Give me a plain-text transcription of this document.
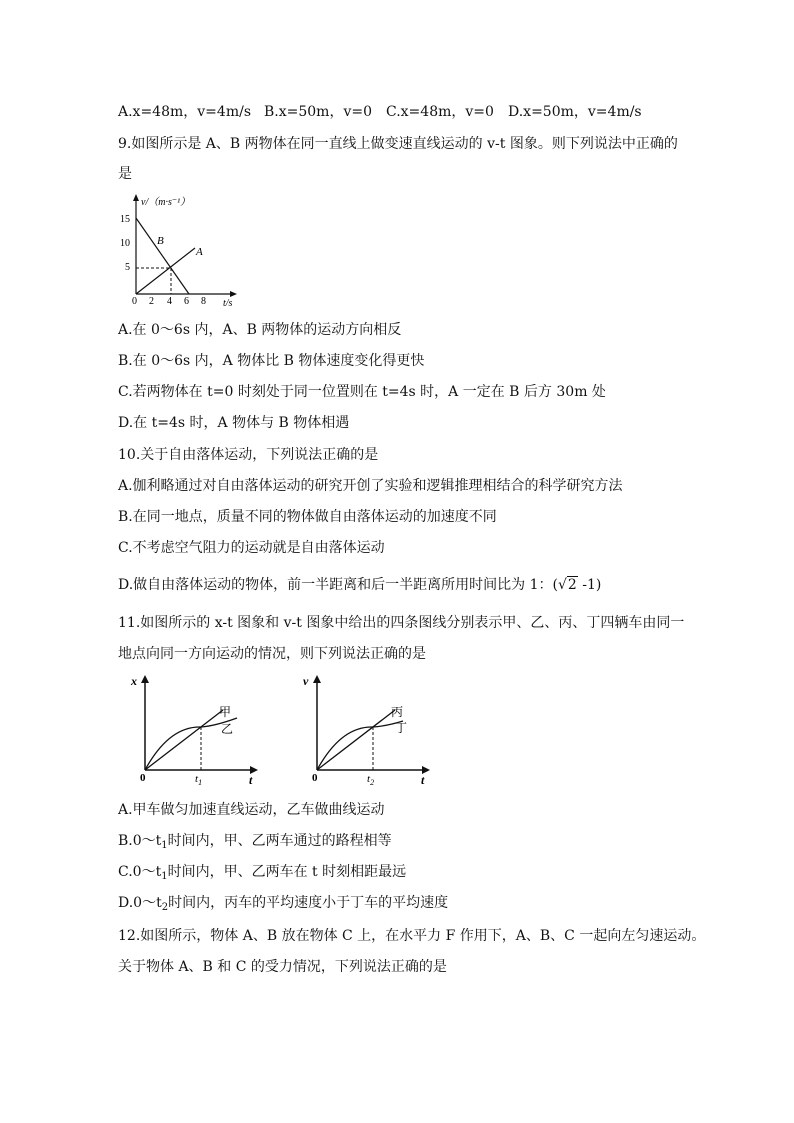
A.x=48m，v=4m/s B.x=50m，v=0 C.x=48m，v=0 D.x=50m，v=4m/s
9.如图所示是 A、B 两物体在同一直线上做变速直线运动的 v-t 图象。则下列说法中正确的
是
v/（m·s⁻¹）
t/s
0
15
10
5
2 4 6 8
B
A
A.在 0～6s 内，A、B 两物体的运动方向相反
B.在 0～6s 内，A 物体比 B 物体速度变化得更快
C.若两物体在 t=0 时刻处于同一位置则在 t=4s 时，A 一定在 B 后方 30m 处
D.在 t=4s 时，A 物体与 B 物体相遇
10.关于自由落体运动，下列说法正确的是
A.伽利略通过对自由落体运动的研究开创了实验和逻辑推理相结合的科学研究方法
B.在同一地点，质量不同的物体做自由落体运动的加速度不同
C.不考虑空气阻力的运动就是自由落体运动
D.做自由落体运动的物体，前一半距离和后一半距离所用时间比为 1：(√2 -1)
11.如图所示的 x-t 图象和 v-t 图象中给出的四条图线分别表示甲、乙、丙、丁四辆车由同一
地点向同一方向运动的情况，则下列说法正确的是
x
t
0
甲
乙
$t_1$
v
t
0
丙
丁
$t_2$
A.甲车做匀加速直线运动，乙车做曲线运动
$B.0\sim t_1$时间内，甲、乙两车通过的路程相等
$C.0\sim t_1$时间内，甲、乙两车在 t 时刻相距最远
$D.0\sim t_2$时间内，丙车的平均速度小于丁车的平均速度
12.如图所示，物体 A、B 放在物体 C 上，在水平力 F 作用下，A、B、C 一起向左匀速运动。
关于物体 A、B 和 C 的受力情况，下列说法正确的是
